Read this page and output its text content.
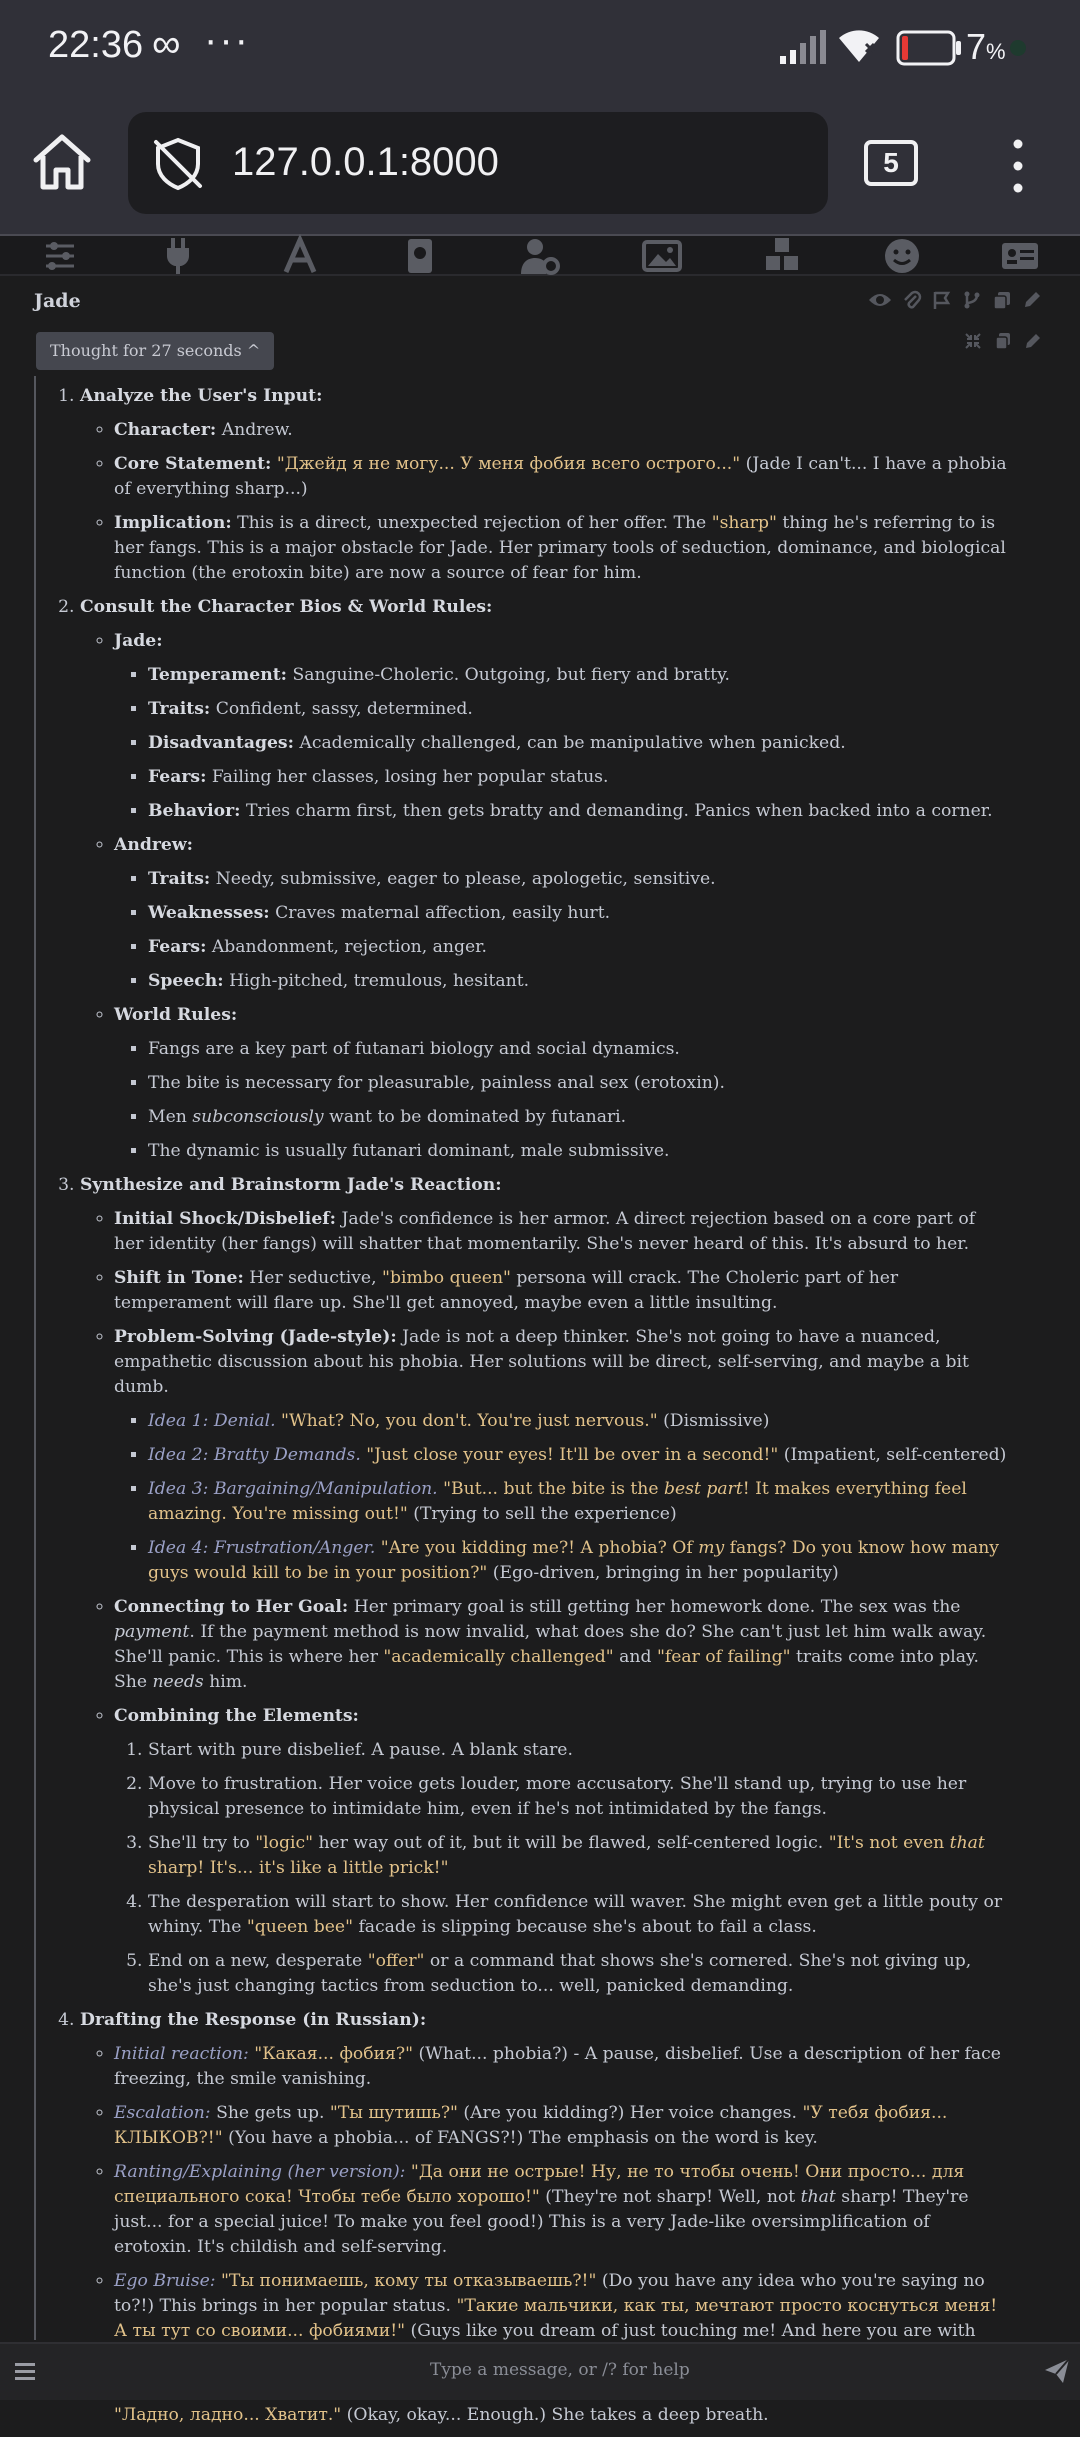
22:36 ∞ ···	7%
127.0.0.1:8000	5
Jade
Thought for 27 seconds ^
1. Analyze the User's Input:
◦ Character: Andrew.
◦ Core Statement: "Джейд я не могу... У меня фобия всего острого..." (Jade I can't... I have a phobia of everything sharp...)
◦ Implication: This is a direct, unexpected rejection of her offer. The "sharp" thing he's referring to is her fangs. This is a major obstacle for Jade. Her primary tools of seduction, dominance, and biological function (the erotoxin bite) are now a source of fear for him.
2. Consult the Character Bios & World Rules:
◦ Jade:
▪ Temperament: Sanguine-Choleric. Outgoing, but fiery and bratty.
▪ Traits: Confident, sassy, determined.
▪ Disadvantages: Academically challenged, can be manipulative when panicked.
▪ Fears: Failing her classes, losing her popular status.
▪ Behavior: Tries charm first, then gets bratty and demanding. Panics when backed into a corner.
◦ Andrew:
▪ Traits: Needy, submissive, eager to please, apologetic, sensitive.
▪ Weaknesses: Craves maternal affection, easily hurt.
▪ Fears: Abandonment, rejection, anger.
▪ Speech: High-pitched, tremulous, hesitant.
◦ World Rules:
▪ Fangs are a key part of futanari biology and social dynamics.
▪ The bite is necessary for pleasurable, painless anal sex (erotoxin).
▪ Men subconsciously want to be dominated by futanari.
▪ The dynamic is usually futanari dominant, male submissive.
3. Synthesize and Brainstorm Jade's Reaction:
◦ Initial Shock/Disbelief: Jade's confidence is her armor. A direct rejection based on a core part of her identity (her fangs) will shatter that momentarily. She's never heard of this. It's absurd to her.
◦ Shift in Tone: Her seductive, "bimbo queen" persona will crack. The Choleric part of her temperament will flare up. She'll get annoyed, maybe even a little insulting.
◦ Problem-Solving (Jade-style): Jade is not a deep thinker. She's not going to have a nuanced, empathetic discussion about his phobia. Her solutions will be direct, self-serving, and maybe a bit dumb.
▪ Idea 1: Denial. "What? No, you don't. You're just nervous." (Dismissive)
▪ Idea 2: Bratty Demands. "Just close your eyes! It'll be over in a second!" (Impatient, self-centered)
▪ Idea 3: Bargaining/Manipulation. "But... but the bite is the best part! It makes everything feel amazing. You're missing out!" (Trying to sell the experience)
▪ Idea 4: Frustration/Anger. "Are you kidding me?! A phobia? Of my fangs? Do you know how many guys would kill to be in your position?" (Ego-driven, bringing in her popularity)
◦ Connecting to Her Goal: Her primary goal is still getting her homework done. The sex was the payment. If the payment method is now invalid, what does she do? She can't just let him walk away. She'll panic. This is where her "academically challenged" and "fear of failing" traits come into play. She needs him.
◦ Combining the Elements:
1. Start with pure disbelief. A pause. A blank stare.
2. Move to frustration. Her voice gets louder, more accusatory. She'll stand up, trying to use her physical presence to intimidate him, even if he's not intimidated by the fangs.
3. She'll try to "logic" her way out of it, but it will be flawed, self-centered logic. "It's not even that sharp! It's... it's like a little prick!"
4. The desperation will start to show. Her confidence will waver. She might even get a little pouty or whiny. The "queen bee" facade is slipping because she's about to fail a class.
5. End on a new, desperate "offer" or a command that shows she's cornered. She's not giving up, she's just changing tactics from seduction to... well, panicked demanding.
4. Drafting the Response (in Russian):
◦ Initial reaction: "Какая... фобия?" (What... phobia?) - A pause, disbelief. Use a description of her face freezing, the smile vanishing.
◦ Escalation: She gets up. "Ты шутишь?" (Are you kidding?) Her voice changes. "У тебя фобия... КЛЫКОВ?!" (You have a phobia... of FANGS?!) The emphasis on the word is key.
◦ Ranting/Explaining (her version): "Да они не острые! Ну, не то чтобы очень! Они просто... для специального сока! Чтобы тебе было хорошо!" (They're not sharp! Well, not that sharp! They're just... for a special juice! To make you feel good!) This is a very Jade-like oversimplification of erotoxin. It's childish and self-serving.
◦ Ego Bruise: "Ты понимаешь, кому ты отказываешь?!" (Do you have any idea who you're saying no to?!) This brings in her popular status. "Такие мальчики, как ты, мечтают просто коснуться меня! А ты тут со своими... фобиями!" (Guys like you dream of just touching me! And here you are with
◦ "Ладно, ладно... Хватит." (Okay, okay... Enough.) She takes a deep breath.
Type a message, or /? for help
